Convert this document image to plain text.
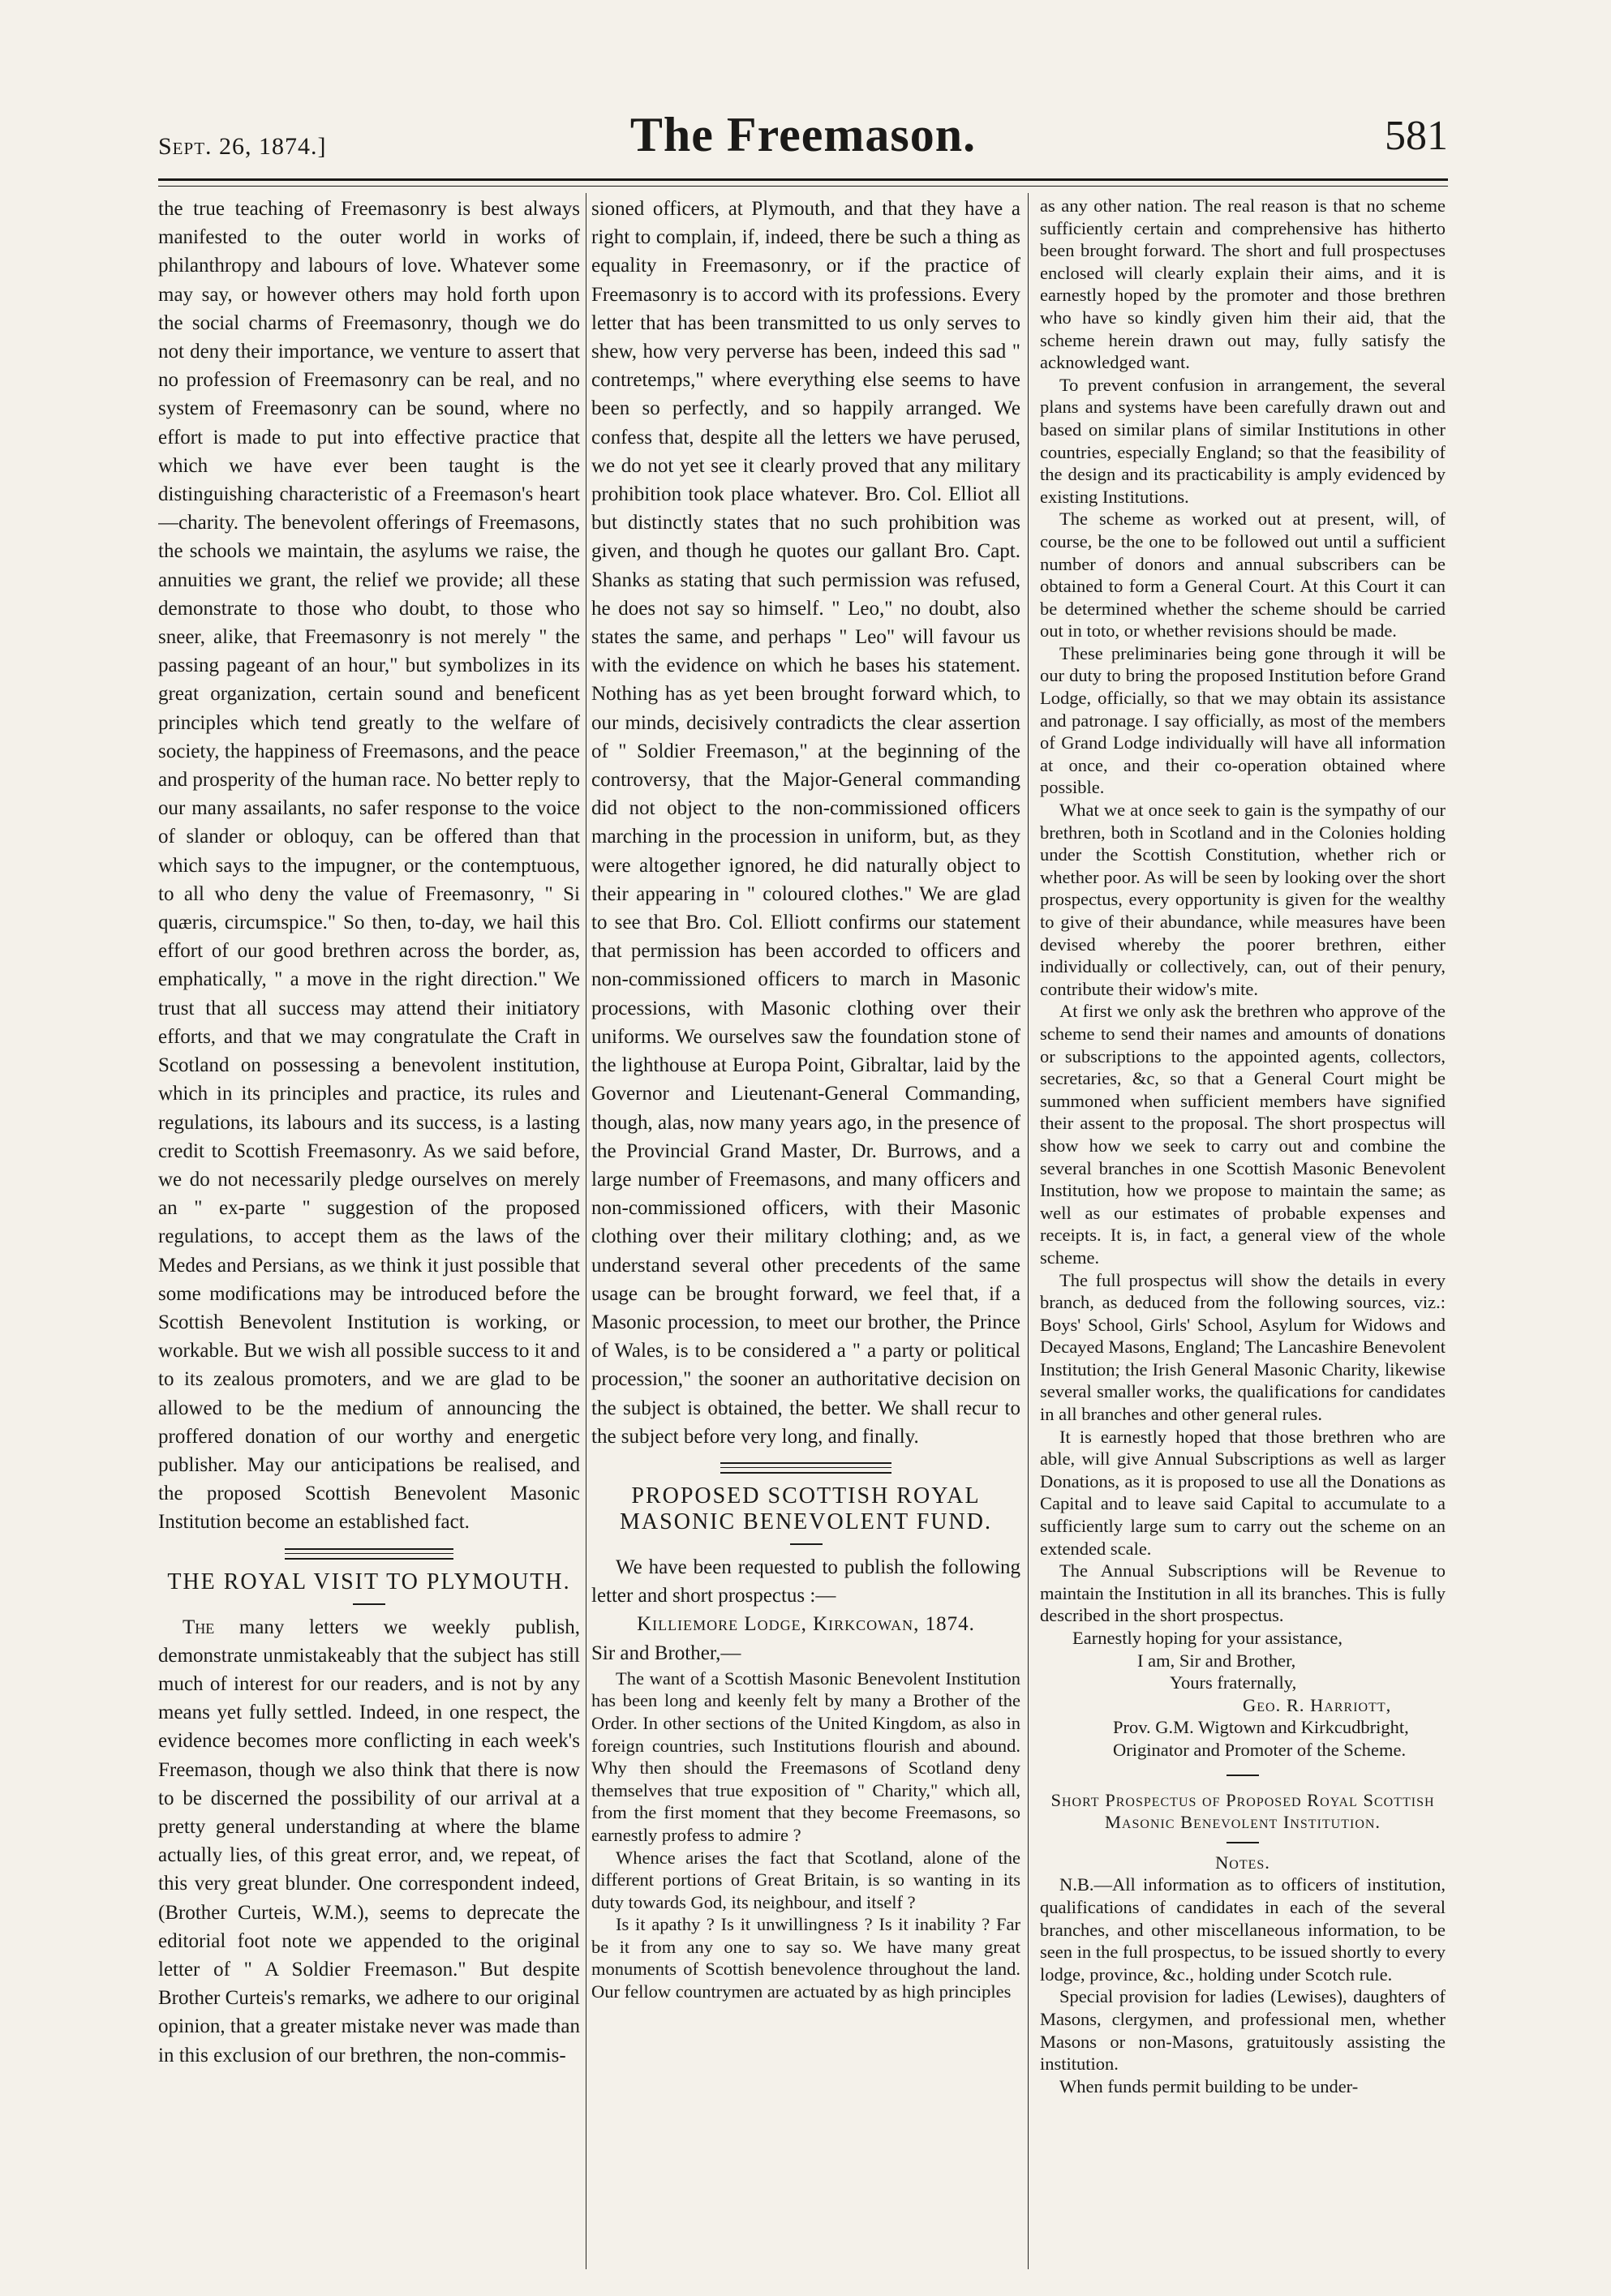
Sept. 26, 1874.]	The Freemason.	581

the true teaching of Freemasonry is best always manifested to the outer world in works of philanthropy and labours of love. Whatever some may say, or however others may hold forth upon the social charms of Freemasonry, though we do not deny their importance, we venture to assert that no profession of Freemasonry can be real, and no system of Freemasonry can be sound, where no effort is made to put into effective practice that which we have ever been taught is the distinguishing characteristic of a Freemason's heart—charity. The benevolent offerings of Freemasons, the schools we maintain, the asylums we raise, the annuities we grant, the relief we provide; all these demonstrate to those who doubt, to those who sneer, alike, that Freemasonry is not merely " the passing pageant of an hour," but symbolizes in its great organization, certain sound and beneficent principles which tend greatly to the welfare of society, the happiness of Freemasons, and the peace and prosperity of the human race. No better reply to our many assailants, no safer response to the voice of slander or obloquy, can be offered than that which says to the impugner, or the contemptuous, to all who deny the value of Freemasonry, " Si quæris, circumspice." So then, to-day, we hail this effort of our good brethren across the border, as, emphatically, " a move in the right direction." We trust that all success may attend their initiatory efforts, and that we may congratulate the Craft in Scotland on possessing a benevolent institution, which in its principles and practice, its rules and regulations, its labours and its success, is a lasting credit to Scottish Freemasonry. As we said before, we do not necessarily pledge ourselves on merely an " ex-parte " suggestion of the proposed regulations, to accept them as the laws of the Medes and Persians, as we think it just possible that some modifications may be introduced before the Scottish Benevolent Institution is working, or workable. But we wish all possible success to it and to its zealous promoters, and we are glad to be allowed to be the medium of announcing the proffered donation of our worthy and energetic publisher. May our anticipations be realised, and the proposed Scottish Benevolent Masonic Institution become an established fact.

THE ROYAL VISIT TO PLYMOUTH.

The many letters we weekly publish, demonstrate unmistakeably that the subject has still much of interest for our readers, and is not by any means yet fully settled. Indeed, in one respect, the evidence becomes more conflicting in each week's Freemason, though we also think that there is now to be discerned the possibility of our arrival at a pretty general understanding at where the blame actually lies, of this great error, and, we repeat, of this very great blunder. One correspondent indeed, (Brother Curteis, W.M.), seems to deprecate the editorial foot note we appended to the original letter of " A Soldier Freemason." But despite Brother Curteis's remarks, we adhere to our original opinion, that a greater mistake never was made than in this exclusion of our brethren, the non-commis-

sioned officers, at Plymouth, and that they have a right to complain, if, indeed, there be such a thing as equality in Freemasonry, or if the practice of Freemasonry is to accord with its professions. Every letter that has been transmitted to us only serves to shew, how very perverse has been, indeed this sad " contretemps," where everything else seems to have been so perfectly, and so happily arranged. We confess that, despite all the letters we have perused, we do not yet see it clearly proved that any military prohibition took place whatever. Bro. Col. Elliot all but distinctly states that no such prohibition was given, and though he quotes our gallant Bro. Capt. Shanks as stating that such permission was refused, he does not say so himself. " Leo," no doubt, also states the same, and perhaps " Leo" will favour us with the evidence on which he bases his statement. Nothing has as yet been brought forward which, to our minds, decisively contradicts the clear assertion of " Soldier Freemason," at the beginning of the controversy, that the Major-General commanding did not object to the non-commissioned officers marching in the procession in uniform, but, as they were altogether ignored, he did naturally object to their appearing in " coloured clothes." We are glad to see that Bro. Col. Elliott confirms our statement that permission has been accorded to officers and non-commissioned officers to march in Masonic processions, with Masonic clothing over their uniforms. We ourselves saw the foundation stone of the lighthouse at Europa Point, Gibraltar, laid by the Governor and Lieutenant-General Commanding, though, alas, now many years ago, in the presence of the Provincial Grand Master, Dr. Burrows, and a large number of Freemasons, and many officers and non-commissioned officers, with their Masonic clothing over their military clothing; and, as we understand several other precedents of the same usage can be brought forward, we feel that, if a Masonic procession, to meet our brother, the Prince of Wales, is to be considered a " a party or political procession," the sooner an authoritative decision on the subject is obtained, the better. We shall recur to the subject before very long, and finally.

PROPOSED SCOTTISH ROYAL MASONIC BENEVOLENT FUND.

We have been requested to publish the following letter and short prospectus :—

Killiemore Lodge, Kirkcowan, 1874.

Sir and Brother,—

The want of a Scottish Masonic Benevolent Institution has been long and keenly felt by many a Brother of the Order. In other sections of the United Kingdom, as also in foreign countries, such Institutions flourish and abound. Why then should the Freemasons of Scotland deny themselves that true exposition of " Charity," which all, from the first moment that they become Freemasons, so earnestly profess to admire ?

Whence arises the fact that Scotland, alone of the different portions of Great Britain, is so wanting in its duty towards God, its neighbour, and itself ?

Is it apathy ? Is it unwillingness ? Is it inability ? Far be it from any one to say so. We have many great monuments of Scottish benevolence throughout the land. Our fellow countrymen are actuated by as high principles

as any other nation. The real reason is that no scheme sufficiently certain and comprehensive has hitherto been brought forward. The short and full prospectuses enclosed will clearly explain their aims, and it is earnestly hoped by the promoter and those brethren who have so kindly given him their aid, that the scheme herein drawn out may, fully satisfy the acknowledged want.

To prevent confusion in arrangement, the several plans and systems have been carefully drawn out and based on similar plans of similar Institutions in other countries, especially England; so that the feasibility of the design and its practicability is amply evidenced by existing Institutions.

The scheme as worked out at present, will, of course, be the one to be followed out until a sufficient number of donors and annual subscribers can be obtained to form a General Court. At this Court it can be determined whether the scheme should be carried out in toto, or whether revisions should be made.

These preliminaries being gone through it will be our duty to bring the proposed Institution before Grand Lodge, officially, so that we may obtain its assistance and patronage. I say officially, as most of the members of Grand Lodge individually will have all information at once, and their co-operation obtained where possible.

What we at once seek to gain is the sympathy of our brethren, both in Scotland and in the Colonies holding under the Scottish Constitution, whether rich or whether poor. As will be seen by looking over the short prospectus, every opportunity is given for the wealthy to give of their abundance, while measures have been devised whereby the poorer brethren, either individually or collectively, can, out of their penury, contribute their widow's mite.

At first we only ask the brethren who approve of the scheme to send their names and amounts of donations or subscriptions to the appointed agents, collectors, secretaries, &c, so that a General Court might be summoned when sufficient members have signified their assent to the proposal. The short prospectus will show how we seek to carry out and combine the several branches in one Scottish Masonic Benevolent Institution, how we propose to maintain the same; as well as our estimates of probable expenses and receipts. It is, in fact, a general view of the whole scheme.

The full prospectus will show the details in every branch, as deduced from the following sources, viz.: Boys' School, Girls' School, Asylum for Widows and Decayed Masons, England; The Lancashire Benevolent Institution; the Irish General Masonic Charity, likewise several smaller works, the qualifications for candidates in all branches and other general rules.

It is earnestly hoped that those brethren who are able, will give Annual Subscriptions as well as larger Donations, as it is proposed to use all the Donations as Capital and to leave said Capital to accumulate to a sufficiently large sum to carry out the scheme on an extended scale.

The Annual Subscriptions will be Revenue to maintain the Institution in all its branches. This is fully described in the short prospectus.

Earnestly hoping for your assistance,

I am, Sir and Brother,

Yours fraternally,

Geo. R. Harriott,

Prov. G.M. Wigtown and Kirkcudbright,

Originator and Promoter of the Scheme.

Short Prospectus of Proposed Royal Scottish Masonic Benevolent Institution.

Notes.

N.B.—All information as to officers of institution, qualifications of candidates in each of the several branches, and other miscellaneous information, to be seen in the full prospectus, to be issued shortly to every lodge, province, &c., holding under Scotch rule.

Special provision for ladies (Lewises), daughters of Masons, clergymen, and professional men, whether Masons or non-Masons, gratuitously assisting the institution.

When funds permit building to be under-
